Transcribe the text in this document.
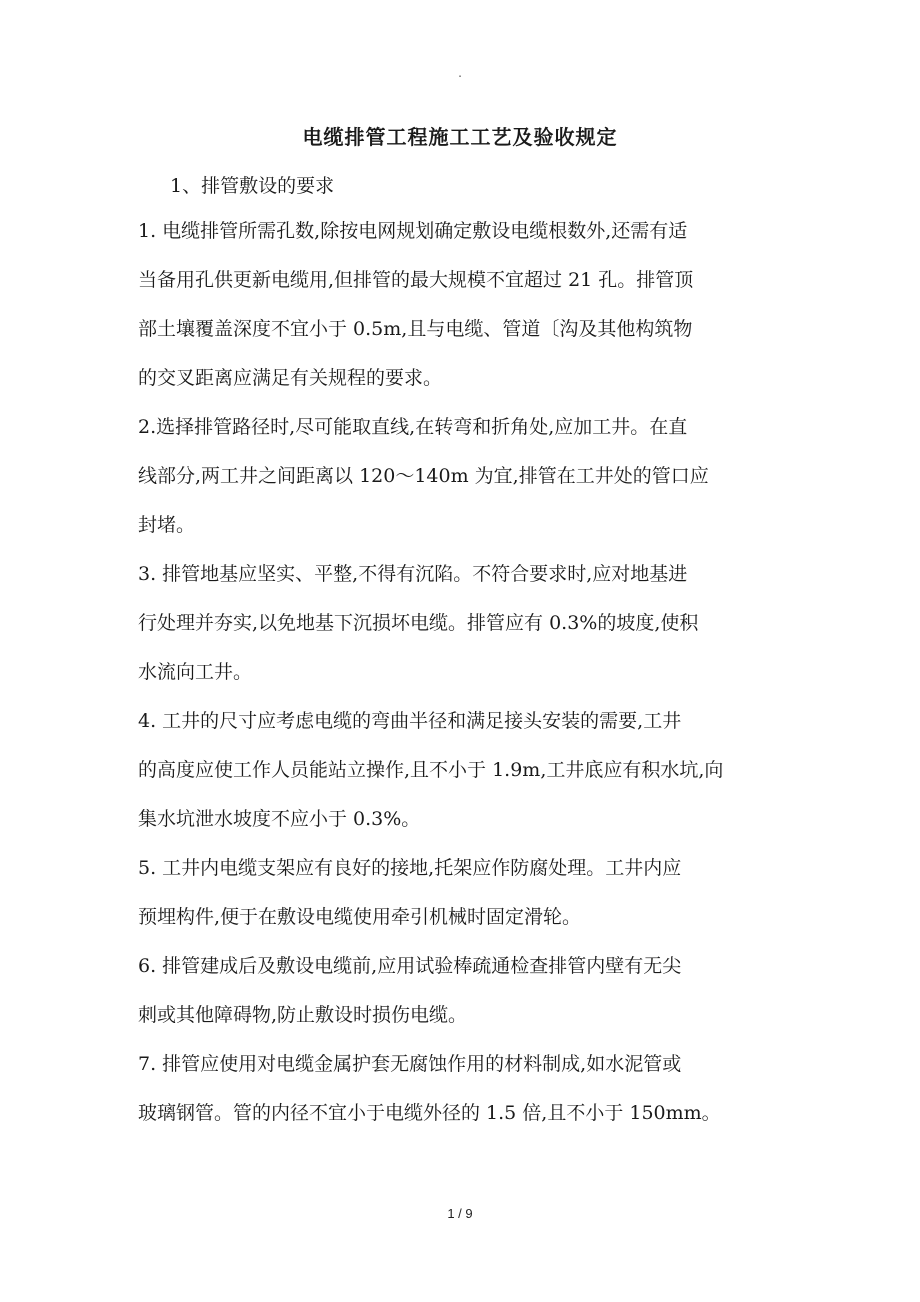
.
电缆排管工程施工工艺及验收规定
1、排管敷设的要求
1. 电缆排管所需孔数,除按电网规划确定敷设电缆根数外,还需有适
当备用孔供更新电缆用,但排管的最大规模不宜超过 21 孔。排管顶
部土壤覆盖深度不宜小于 0.5m,且与电缆、管道〔沟及其他构筑物
的交叉距离应满足有关规程的要求。
2.选择排管路径时,尽可能取直线,在转弯和折角处,应加工井。在直
线部分,两工井之间距离以 120～140m 为宜,排管在工井处的管口应
封堵。
3. 排管地基应坚实、平整,不得有沉陷。不符合要求时,应对地基进
行处理并夯实,以免地基下沉损坏电缆。排管应有 0.3%的坡度,使积
水流向工井。
4. 工井的尺寸应考虑电缆的弯曲半径和满足接头安装的需要,工井
的高度应使工作人员能站立操作,且不小于 1.9m,工井底应有积水坑,向
集水坑泄水坡度不应小于 0.3%。
5. 工井内电缆支架应有良好的接地,托架应作防腐处理。工井内应
预埋构件,便于在敷设电缆使用牵引机械时固定滑轮。
6. 排管建成后及敷设电缆前,应用试验棒疏通检查排管内壁有无尖
刺或其他障碍物,防止敷设时损伤电缆。
7. 排管应使用对电缆金属护套无腐蚀作用的材料制成,如水泥管或
玻璃钢管。管的内径不宜小于电缆外径的 1.5 倍,且不小于 150mm。
1 / 9
